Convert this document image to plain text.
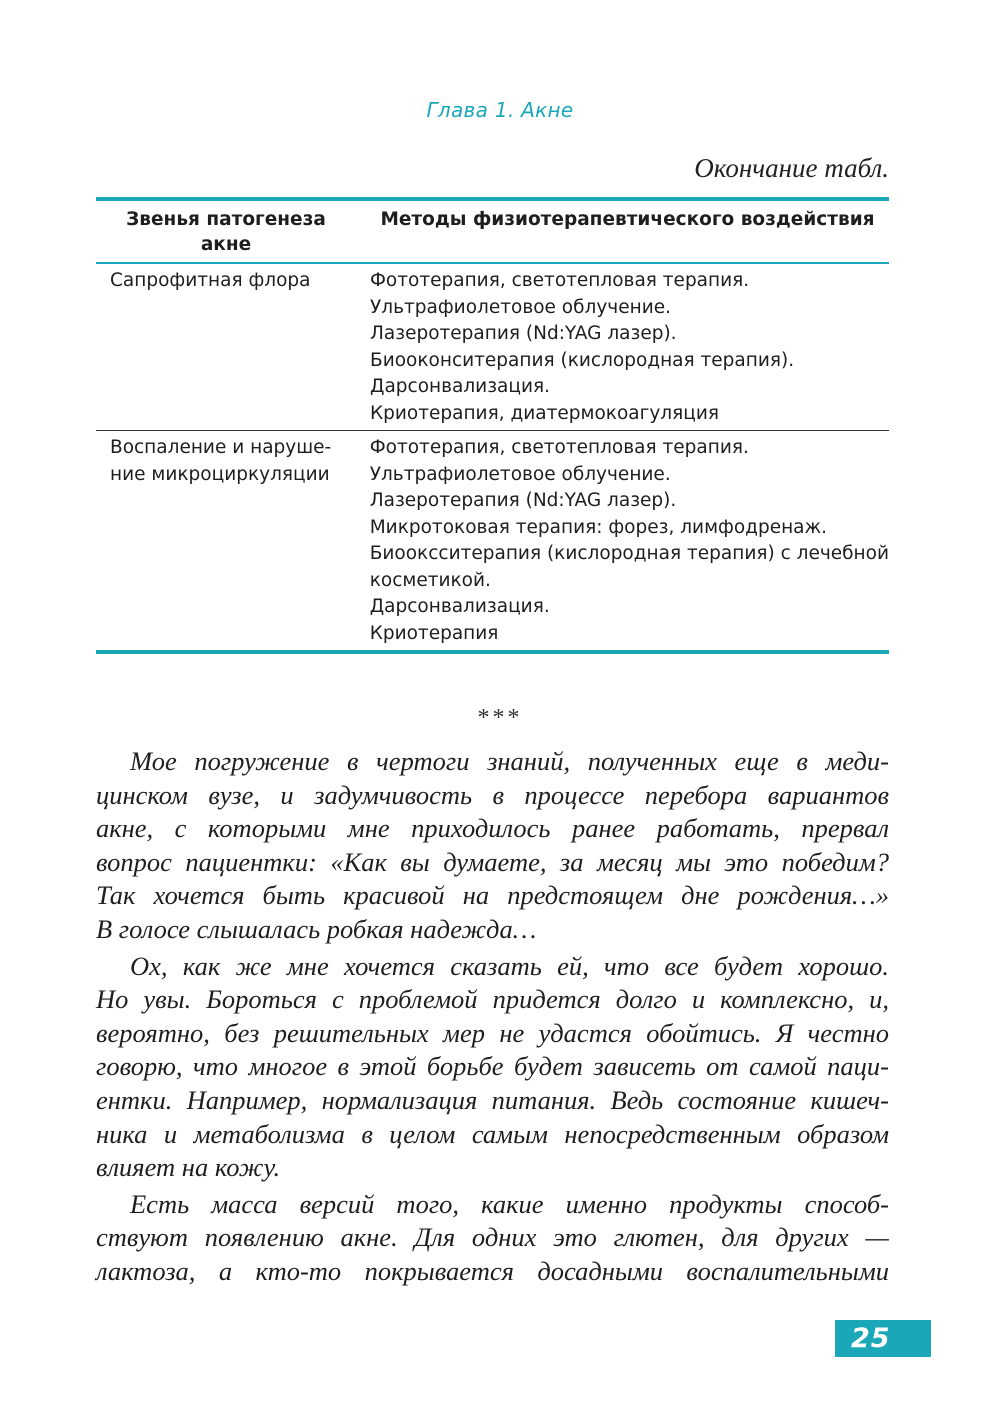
Глава 1. Акне
Окончание табл.
Звенья патогенеза
акне
Методы физиотерапевтического воздействия
Сапрофитная флора	Фототерапия, светотепловая терапия.
Ультрафиолетовое облучение.
Лазеротерапия (Nd:YAG лазер).
Биооконситерапия (кислородная терапия).
Дарсонвализация.
Криотерапия, диатермокоагуляция
Воспаление и наруше-
ние микроциркуляции
Фототерапия, светотепловая терапия.
Ультрафиолетовое облучение.
Лазеротерапия (Nd:YAG лазер).
Микротоковая терапия: форез, лимфодренаж.
Биооксситерапия (кислородная терапия) с лечебной
косметикой.
Дарсонвализация.
Криотерапия
***
Мое погружение в чертоги знаний, полученных еще в меди-
цинском вузе, и задумчивость в процессе перебора вариантов
акне, с которыми мне приходилось ранее работать, прервал
вопрос пациентки: «Как вы думаете, за месяц мы это победим?
Так хочется быть красивой на предстоящем дне рождения…»
В голосе слышалась робкая надежда…
Ох, как же мне хочется сказать ей, что все будет хорошо.
Но увы. Бороться с проблемой придется долго и комплексно, и,
вероятно, без решительных мер не удастся обойтись. Я честно
говорю, что многое в этой борьбе будет зависеть от самой паци-
ентки. Например, нормализация питания. Ведь состояние кишеч-
ника и метаболизма в целом самым непосредственным образом
влияет на кожу.
Есть масса версий того, какие именно продукты способ-
ствуют появлению акне. Для одних это глютен, для других —
лактоза, а кто-то покрывается досадными воспалительными
25
